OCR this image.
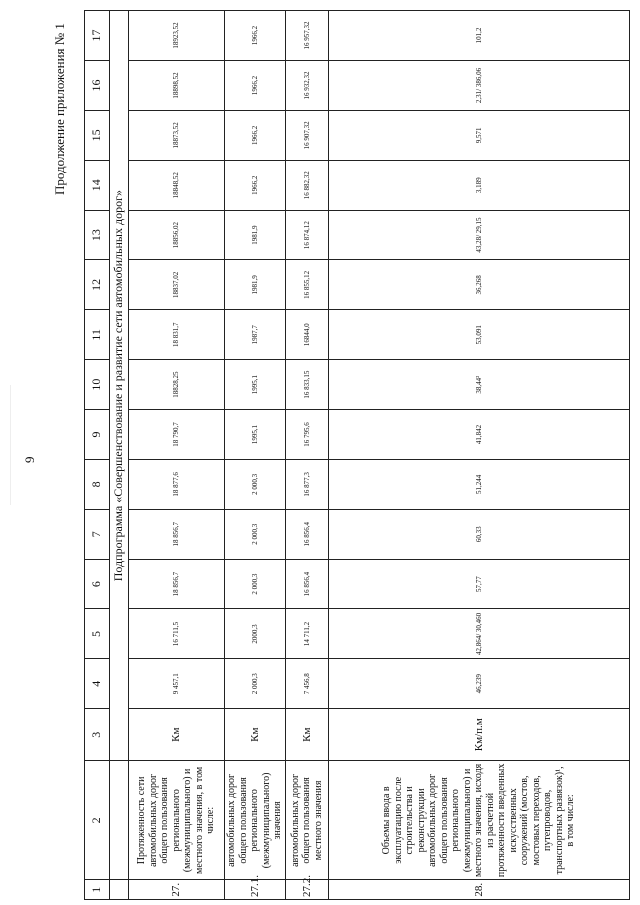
9
Продолжение приложения № 1
1	2	3	4	5	6	7	8	9	10	11	12	13	14	15	16	17
		Подпрограмма «Совершенствование и развитие сети автомобильных дорог»														
27.	Протяженность сети автомобильных дорог общего пользования регионального (межмуниципального) и местного значения, в том числе:	Км	9 457,1	16 711,5	18 856,7	18 856,7	18 877,6	18 790,7	18828,25	18 831,7	18837,02	18856,02	18848,52	18873,52	18898,52	18923,52
27.1.	автомобильных дорог общего пользования регионального (межмуниципального) значения	Км	2 000,3	2000,3	2 000,3	2 000,3	2 000,3	1995,1	1995,1	1987,7	1981,9	1981,9	1966,2	1966,2	1966,2	1966,2
27.2.	автомобильных дорог общего пользования местного значения	Км	7 456,8	14 711,2	16 856,4	16 856,4	16 877,3	16 795,6	16 833,15	16844,0	16 855,12	16 874,12	16 882,32	16 907,32	16 932,32	16 957,32
28.	Объемы ввода в эксплуатацию после строительства и реконструкции автомобильных дорог общего пользования регионального (межмуниципального) и местного значения, исходя из расчетной протяженности введенных искусственных сооружений (мостов, мостовых переходов, путепроводов, транспортных развязок)¹, в том числе:	Км/п.м	46,239	42,864/ 30,460	57,77	60,33	51,244	41,842	38,44²	53,091	36,268	43,28/ 29,15	3,189	9,571	2,31/ 386,06	101,2
